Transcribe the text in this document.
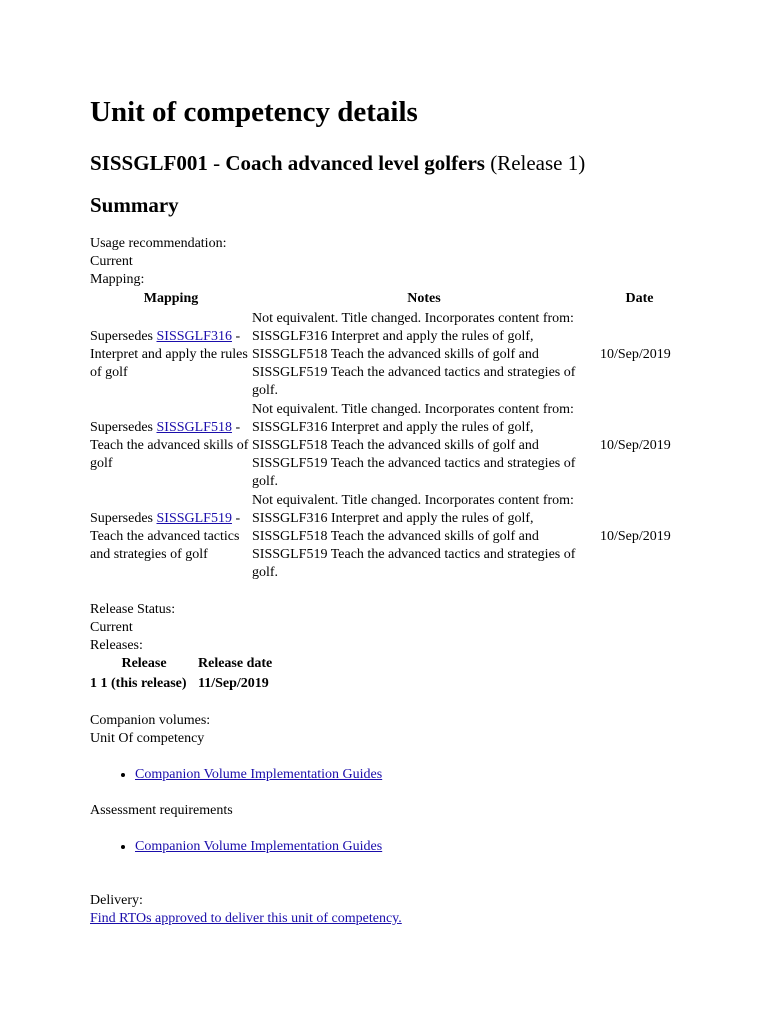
Unit of competency details
SISSGLF001 - Coach advanced level golfers (Release 1)
Summary
Usage recommendation:
Current
Mapping:
Mapping	Notes	Date
Supersedes SISSGLF316 - Interpret and apply the rules of golf	Not equivalent. Title changed. Incorporates content from: SISSGLF316 Interpret and apply the rules of golf, SISSGLF518 Teach the advanced skills of golf and SISSGLF519 Teach the advanced tactics and strategies of golf.	10/Sep/2019
Supersedes SISSGLF518 - Teach the advanced skills of golf	Not equivalent. Title changed. Incorporates content from: SISSGLF316 Interpret and apply the rules of golf, SISSGLF518 Teach the advanced skills of golf and SISSGLF519 Teach the advanced tactics and strategies of golf.	10/Sep/2019
Supersedes SISSGLF519 - Teach the advanced tactics and strategies of golf	Not equivalent. Title changed. Incorporates content from: SISSGLF316 Interpret and apply the rules of golf, SISSGLF518 Teach the advanced skills of golf and SISSGLF519 Teach the advanced tactics and strategies of golf.	10/Sep/2019
Release Status:
Current
Releases:
Release	Release date
1 1 (this release)	11/Sep/2019
Companion volumes:
Unit Of competency
• Companion Volume Implementation Guides
Assessment requirements
• Companion Volume Implementation Guides
Delivery:
Find RTOs approved to deliver this unit of competency.
